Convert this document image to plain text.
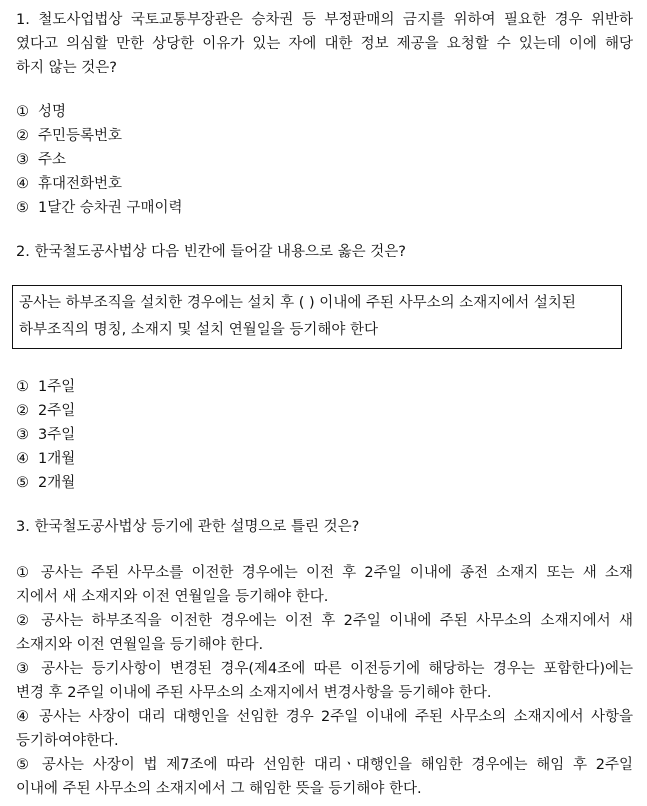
1. 철도사업법상 국토교통부장관은 승차권 등 부정판매의 금지를 위하여 필요한 경우 위반하
였다고 의심할 만한 상당한 이유가 있는 자에 대한 정보 제공을 요청할 수 있는데 이에 해당
하지 않는 것은?
① 성명
② 주민등록번호
③ 주소
④ 휴대전화번호
⑤ 1달간 승차권 구매이력
2. 한국철도공사법상 다음 빈칸에 들어갈 내용으로 옳은 것은?
공사는 하부조직을 설치한 경우에는 설치 후 ( ) 이내에 주된 사무소의 소재지에서 설치된
하부조직의 명칭, 소재지 및 설치 연월일을 등기해야 한다
① 1주일
② 2주일
③ 3주일
④ 1개월
⑤ 2개월
3. 한국철도공사법상 등기에 관한 설명으로 틀린 것은?
① 공사는 주된 사무소를 이전한 경우에는 이전 후 2주일 이내에 종전 소재지 또는 새 소재
지에서 새 소재지와 이전 연월일을 등기해야 한다.
② 공사는 하부조직을 이전한 경우에는 이전 후 2주일 이내에 주된 사무소의 소재지에서 새
소재지와 이전 연월일을 등기해야 한다.
③ 공사는 등기사항이 변경된 경우(제4조에 따른 이전등기에 해당하는 경우는 포함한다)에는
변경 후 2주일 이내에 주된 사무소의 소재지에서 변경사항을 등기해야 한다.
④ 공사는 사장이 대리 대행인을 선임한 경우 2주일 이내에 주된 사무소의 소재지에서 사항을
등기하여야한다.
⑤ 공사는 사장이 법 제7조에 따라 선임한 대리ㆍ대행인을 해임한 경우에는 해임 후 2주일
이내에 주된 사무소의 소재지에서 그 해임한 뜻을 등기해야 한다.
